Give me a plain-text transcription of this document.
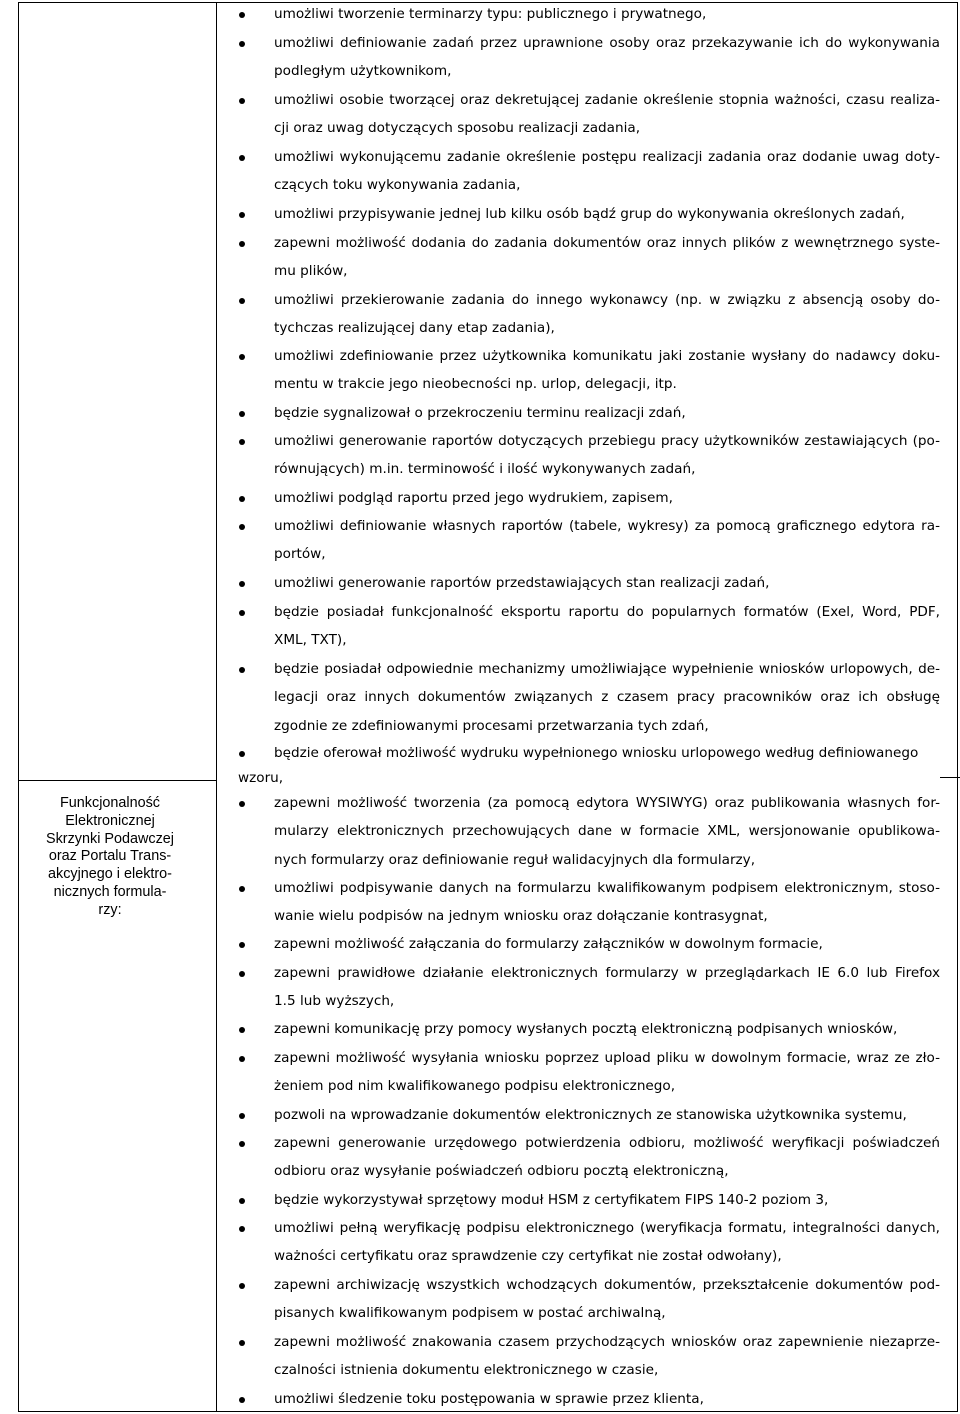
Funkcjonalność
Elektronicznej
Skrzynki Podawczej
oraz Portalu Trans-
akcyjnego i elektro-
nicznych formula-
rzy:
umożliwi tworzenie terminarzy typu: publicznego i prywatnego,
umożliwi definiowanie zadań przez uprawnione osoby oraz przekazywanie ich do wykonywania
podległym użytkownikom,
umożliwi osobie tworzącej oraz dekretującej zadanie określenie stopnia ważności, czasu realiza-
cji oraz uwag dotyczących sposobu realizacji zadania,
umożliwi wykonującemu zadanie określenie postępu realizacji zadania oraz dodanie uwag doty-
czących toku wykonywania zadania,
umożliwi przypisywanie jednej lub kilku osób bądź grup do wykonywania określonych zadań,
zapewni możliwość dodania do zadania dokumentów oraz innych plików z wewnętrznego syste-
mu plików,
umożliwi przekierowanie zadania do innego wykonawcy (np. w związku z absencją osoby do-
tychczas realizującej dany etap zadania),
umożliwi zdefiniowanie przez użytkownika komunikatu jaki zostanie wysłany do nadawcy doku-
mentu w trakcie jego nieobecności np. urlop, delegacji, itp.
będzie sygnalizował o przekroczeniu terminu realizacji zdań,
umożliwi generowanie raportów dotyczących przebiegu pracy użytkowników zestawiających (po-
równujących) m.in. terminowość i ilość wykonywanych zadań,
umożliwi podgląd raportu przed jego wydrukiem, zapisem,
umożliwi definiowanie własnych raportów (tabele, wykresy) za pomocą graficznego edytora ra-
portów,
umożliwi generowanie raportów przedstawiających stan realizacji zadań,
będzie posiadał funkcjonalność eksportu raportu do popularnych formatów (Exel, Word, PDF,
XML, TXT),
będzie posiadał odpowiednie mechanizmy umożliwiające wypełnienie wniosków urlopowych, de-
legacji oraz innych dokumentów związanych z czasem pracy pracowników oraz ich obsługę
zgodnie ze zdefiniowanymi procesami przetwarzania tych zdań,
będzie oferował możliwość wydruku wypełnionego wniosku urlopowego według definiowanego
zapewni możliwość tworzenia (za pomocą edytora WYSIWYG) oraz publikowania własnych for-
mularzy elektronicznych przechowujących dane w formacie XML, wersjonowanie opublikowa-
nych formularzy oraz definiowanie reguł walidacyjnych dla formularzy,
umożliwi podpisywanie danych na formularzu kwalifikowanym podpisem elektronicznym, stoso-
wanie wielu podpisów na jednym wniosku oraz dołączanie kontrasygnat,
zapewni możliwość załączania do formularzy załączników w dowolnym formacie,
zapewni prawidłowe działanie elektronicznych formularzy w przeglądarkach IE 6.0 lub Firefox
1.5 lub wyższych,
zapewni komunikację przy pomocy wysłanych pocztą elektroniczną podpisanych wniosków,
zapewni możliwość wysyłania wniosku poprzez upload pliku w dowolnym formacie, wraz ze zło-
żeniem pod nim kwalifikowanego podpisu elektronicznego,
pozwoli na wprowadzanie dokumentów elektronicznych ze stanowiska użytkownika systemu,
zapewni generowanie urzędowego potwierdzenia odbioru, możliwość weryfikacji poświadczeń
odbioru oraz wysyłanie poświadczeń odbioru pocztą elektroniczną,
będzie wykorzystywał sprzętowy moduł HSM z certyfikatem FIPS 140-2 poziom 3,
umożliwi pełną weryfikację podpisu elektronicznego (weryfikacja formatu, integralności danych,
ważności certyfikatu oraz sprawdzenie czy certyfikat nie został odwołany),
zapewni archiwizację wszystkich wchodzących dokumentów, przekształcenie dokumentów pod-
pisanych kwalifikowanym podpisem w postać archiwalną,
zapewni możliwość znakowania czasem przychodzących wniosków oraz zapewnienie niezaprze-
czalności istnienia dokumentu elektronicznego w czasie,
umożliwi śledzenie toku postępowania w sprawie przez klienta,
wzoru,
